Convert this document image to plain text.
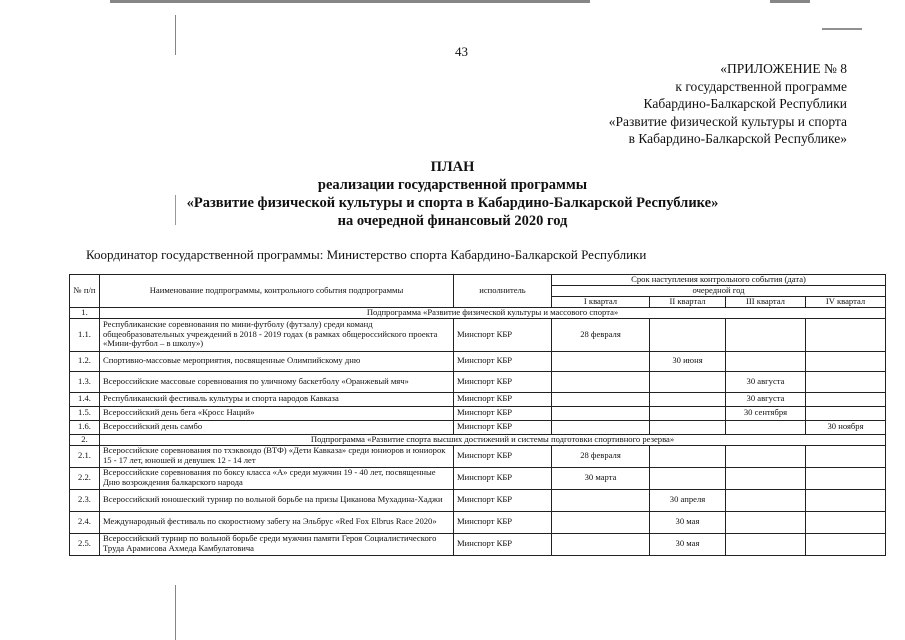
43
«ПРИЛОЖЕНИЕ № 8
к государственной программе
Кабардино-Балкарской Республики
«Развитие физической культуры и спорта
в Кабардино-Балкарской Республике»
ПЛАН
реализации государственной программы
«Развитие физической культуры и спорта в Кабардино-Балкарской Республике»
на очередной финансовый 2020 год
Координатор государственной программы: Министерство спорта Кабардино-Балкарской Республики
№ п/п	Наименование подпрограммы, контрольного события подпрограммы	исполнитель	Срок наступления контрольного события (дата)			
			очередной год			
			I квартал	II квартал	III квартал	IV квартал
1.	Подпрограмма «Развитие физической культуры и массового спорта»					
1.1.	Республиканские соревнования по мини-футболу (футзалу) среди команд общеобразовательных учреждений в 2018 - 2019 годах (в рамках общероссийского проекта «Мини-футбол – в школу»)	Минспорт КБР	28 февраля			
1.2.	Спортивно-массовые мероприятия, посвященные Олимпийскому дню	Минспорт КБР		30 июня		
1.3.	Всероссийские массовые соревнования по уличному баскетболу «Оранжевый мяч»	Минспорт КБР			30 августа	
1.4.	Республиканский фестиваль культуры и спорта народов Кавказа	Минспорт КБР			30 августа	
1.5.	Всероссийский день бега «Кросс Наций»	Минспорт КБР			30 сентября	
1.6.	Всероссийский день самбо	Минспорт КБР				30 ноября
2.	Подпрограмма «Развитие спорта высших достижений и системы подготовки спортивного резерва»					
2.1.	Всероссийские соревнования по тхэквондо (ВТФ) «Дети Кавказа» среди юниоров и юниорок 15 - 17 лет, юношей и девушек 12 - 14 лет	Минспорт КБР	28 февраля			
2.2.	Всероссийские соревнования по боксу класса «А» среди мужчин 19 - 40 лет, посвященные Дню возрождения балкарского народа	Минспорт КБР	30 марта			
2.3.	Всероссийский юношеский турнир по вольной борьбе на призы Циканова Мухадина-Хаджи	Минспорт КБР		30 апреля		
2.4.	Международный фестиваль по скоростному забегу на Эльбрус «Red Fox Elbrus Race 2020»	Минспорт КБР		30 мая		
2.5.	Всероссийский турнир по вольной борьбе среди мужчин памяти Героя Социалистического Труда Арамисова Ахмеда Камбулатовича	Минспорт КБР		30 мая		
